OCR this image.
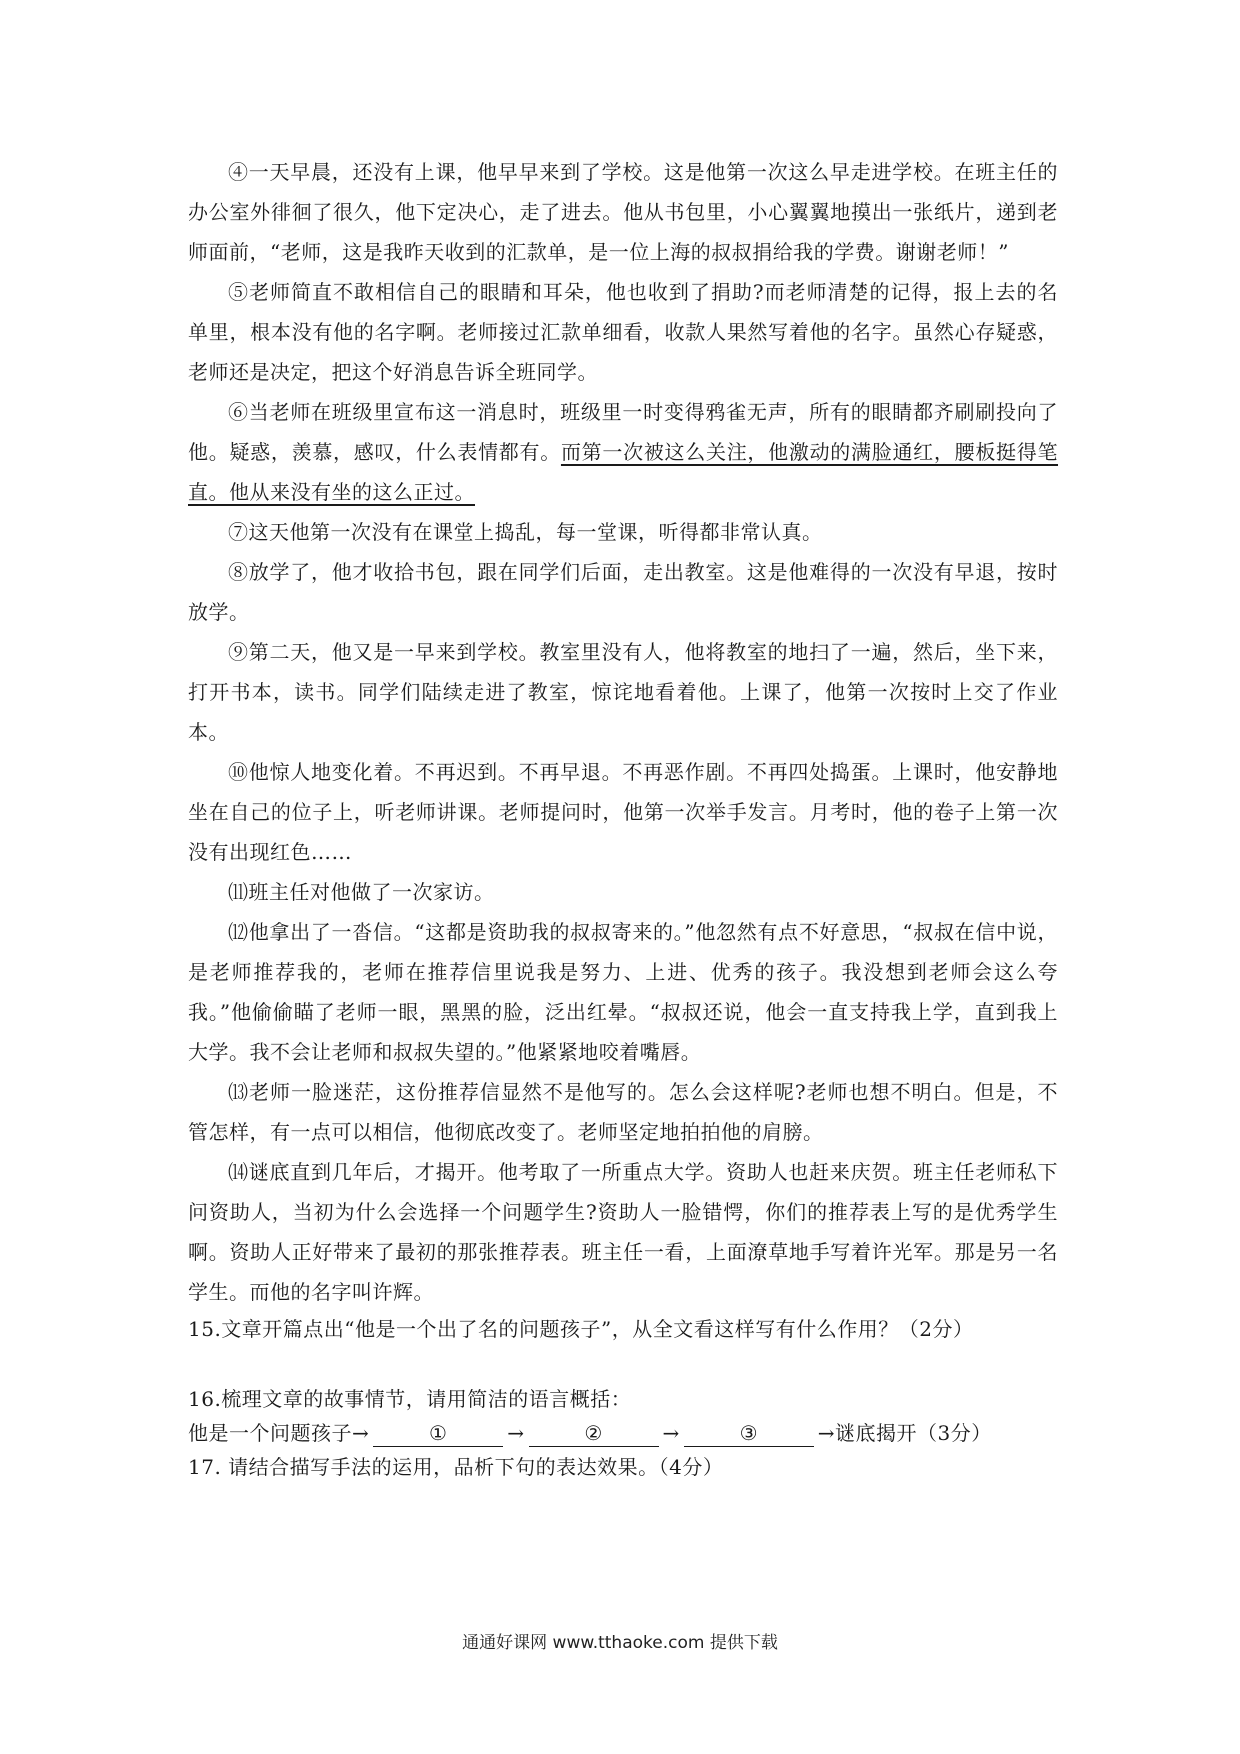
④一天早晨，还没有上课，他早早来到了学校。这是他第一次这么早走进学校。在班主任的办公室外徘徊了很久，他下定决心，走了进去。他从书包里，小心翼翼地摸出一张纸片，递到老师面前，“老师，这是我昨天收到的汇款单，是一位上海的叔叔捐给我的学费。谢谢老师！”

⑤老师简直不敢相信自己的眼睛和耳朵，他也收到了捐助?而老师清楚的记得，报上去的名单里，根本没有他的名字啊。老师接过汇款单细看，收款人果然写着他的名字。虽然心存疑惑，老师还是决定，把这个好消息告诉全班同学。

⑥当老师在班级里宣布这一消息时，班级里一时变得鸦雀无声，所有的眼睛都齐刷刷投向了他。疑惑，羡慕，感叹，什么表情都有。而第一次被这么关注，他激动的满脸通红，腰板挺得笔直。他从来没有坐的这么正过。

⑦这天他第一次没有在课堂上捣乱，每一堂课，听得都非常认真。

⑧放学了，他才收拾书包，跟在同学们后面，走出教室。这是他难得的一次没有早退，按时放学。

⑨第二天，他又是一早来到学校。教室里没有人，他将教室的地扫了一遍，然后，坐下来，打开书本，读书。同学们陆续走进了教室，惊诧地看着他。上课了，他第一次按时上交了作业本。

⑩他惊人地变化着。不再迟到。不再早退。不再恶作剧。不再四处捣蛋。上课时，他安静地坐在自己的位子上，听老师讲课。老师提问时，他第一次举手发言。月考时，他的卷子上第一次没有出现红色……

⑾班主任对他做了一次家访。

⑿他拿出了一沓信。“这都是资助我的叔叔寄来的。”他忽然有点不好意思，“叔叔在信中说，是老师推荐我的，老师在推荐信里说我是努力、上进、优秀的孩子。我没想到老师会这么夸我。”他偷偷瞄了老师一眼，黑黑的脸，泛出红晕。“叔叔还说，他会一直支持我上学，直到我上大学。我不会让老师和叔叔失望的。”他紧紧地咬着嘴唇。

⒀老师一脸迷茫，这份推荐信显然不是他写的。怎么会这样呢?老师也想不明白。但是，不管怎样，有一点可以相信，他彻底改变了。老师坚定地拍拍他的肩膀。

⒁谜底直到几年后，才揭开。他考取了一所重点大学。资助人也赶来庆贺。班主任老师私下问资助人，当初为什么会选择一个问题学生?资助人一脸错愕，你们的推荐表上写的是优秀学生啊。资助人正好带来了最初的那张推荐表。班主任一看，上面潦草地手写着许光军。那是另一名学生。而他的名字叫许辉。

15.文章开篇点出“他是一个出了名的问题孩子”，从全文看这样写有什么作用？（2分）

16.梳理文章的故事情节，请用简洁的语言概括：

他是一个问题孩子→	①	→	②	→	③	→谜底揭开（3分）

17. 请结合描写手法的运用，品析下句的表达效果。（4分）

通通好课网 www.tthaoke.com 提供下载
